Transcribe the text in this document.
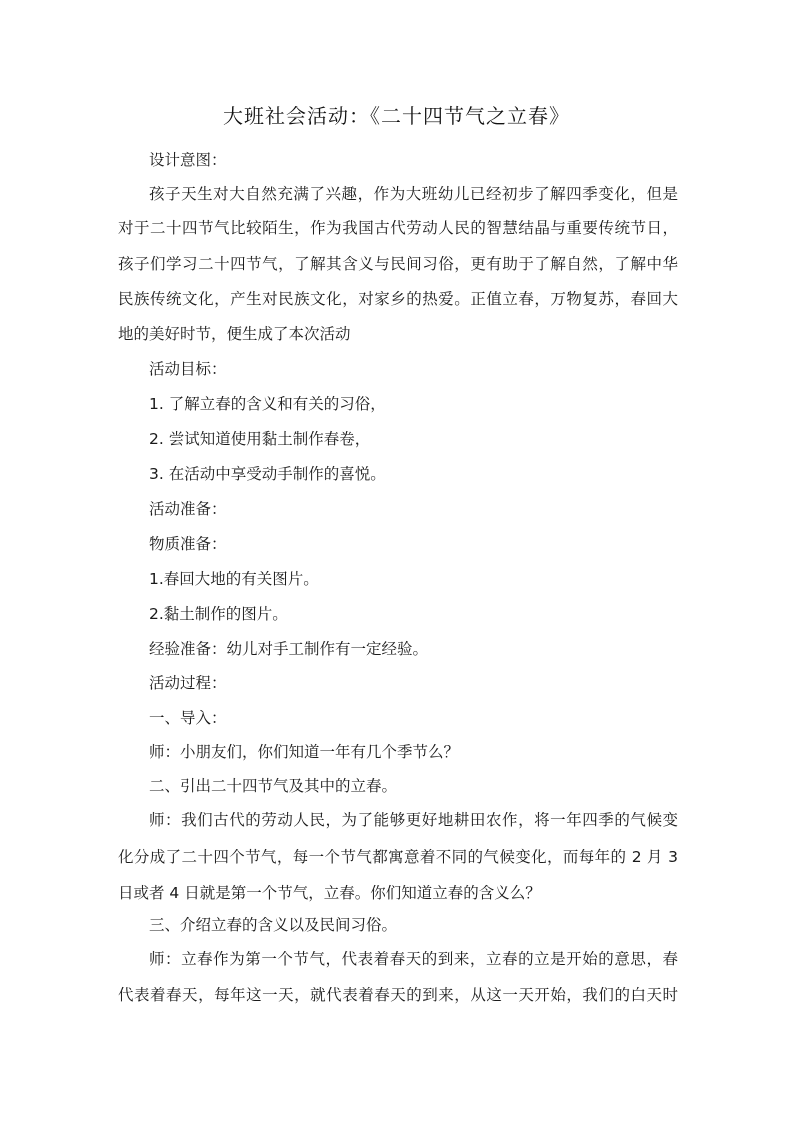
大班社会活动：《二十四节气之立春》
设计意图：
孩子天生对大自然充满了兴趣，作为大班幼儿已经初步了解四季变化，但是
对于二十四节气比较陌生，作为我国古代劳动人民的智慧结晶与重要传统节日，
孩子们学习二十四节气，了解其含义与民间习俗，更有助于了解自然，了解中华
民族传统文化，产生对民族文化，对家乡的热爱。正值立春，万物复苏，春回大
地的美好时节，便生成了本次活动
活动目标：
1. 了解立春的含义和有关的习俗，
2. 尝试知道使用黏土制作春卷，
3. 在活动中享受动手制作的喜悦。
活动准备：
物质准备：
1.春回大地的有关图片。
2.黏土制作的图片。
经验准备：幼儿对手工制作有一定经验。
活动过程：
一、导入：
师：小朋友们，你们知道一年有几个季节么？
二、引出二十四节气及其中的立春。
师：我们古代的劳动人民，为了能够更好地耕田农作，将一年四季的气候变
化分成了二十四个节气，每一个节气都寓意着不同的气候变化，而每年的 2 月 3
日或者 4 日就是第一个节气，立春。你们知道立春的含义么？
三、介绍立春的含义以及民间习俗。
师：立春作为第一个节气，代表着春天的到来，立春的立是开始的意思，春
代表着春天，每年这一天，就代表着春天的到来，从这一天开始，我们的白天时
